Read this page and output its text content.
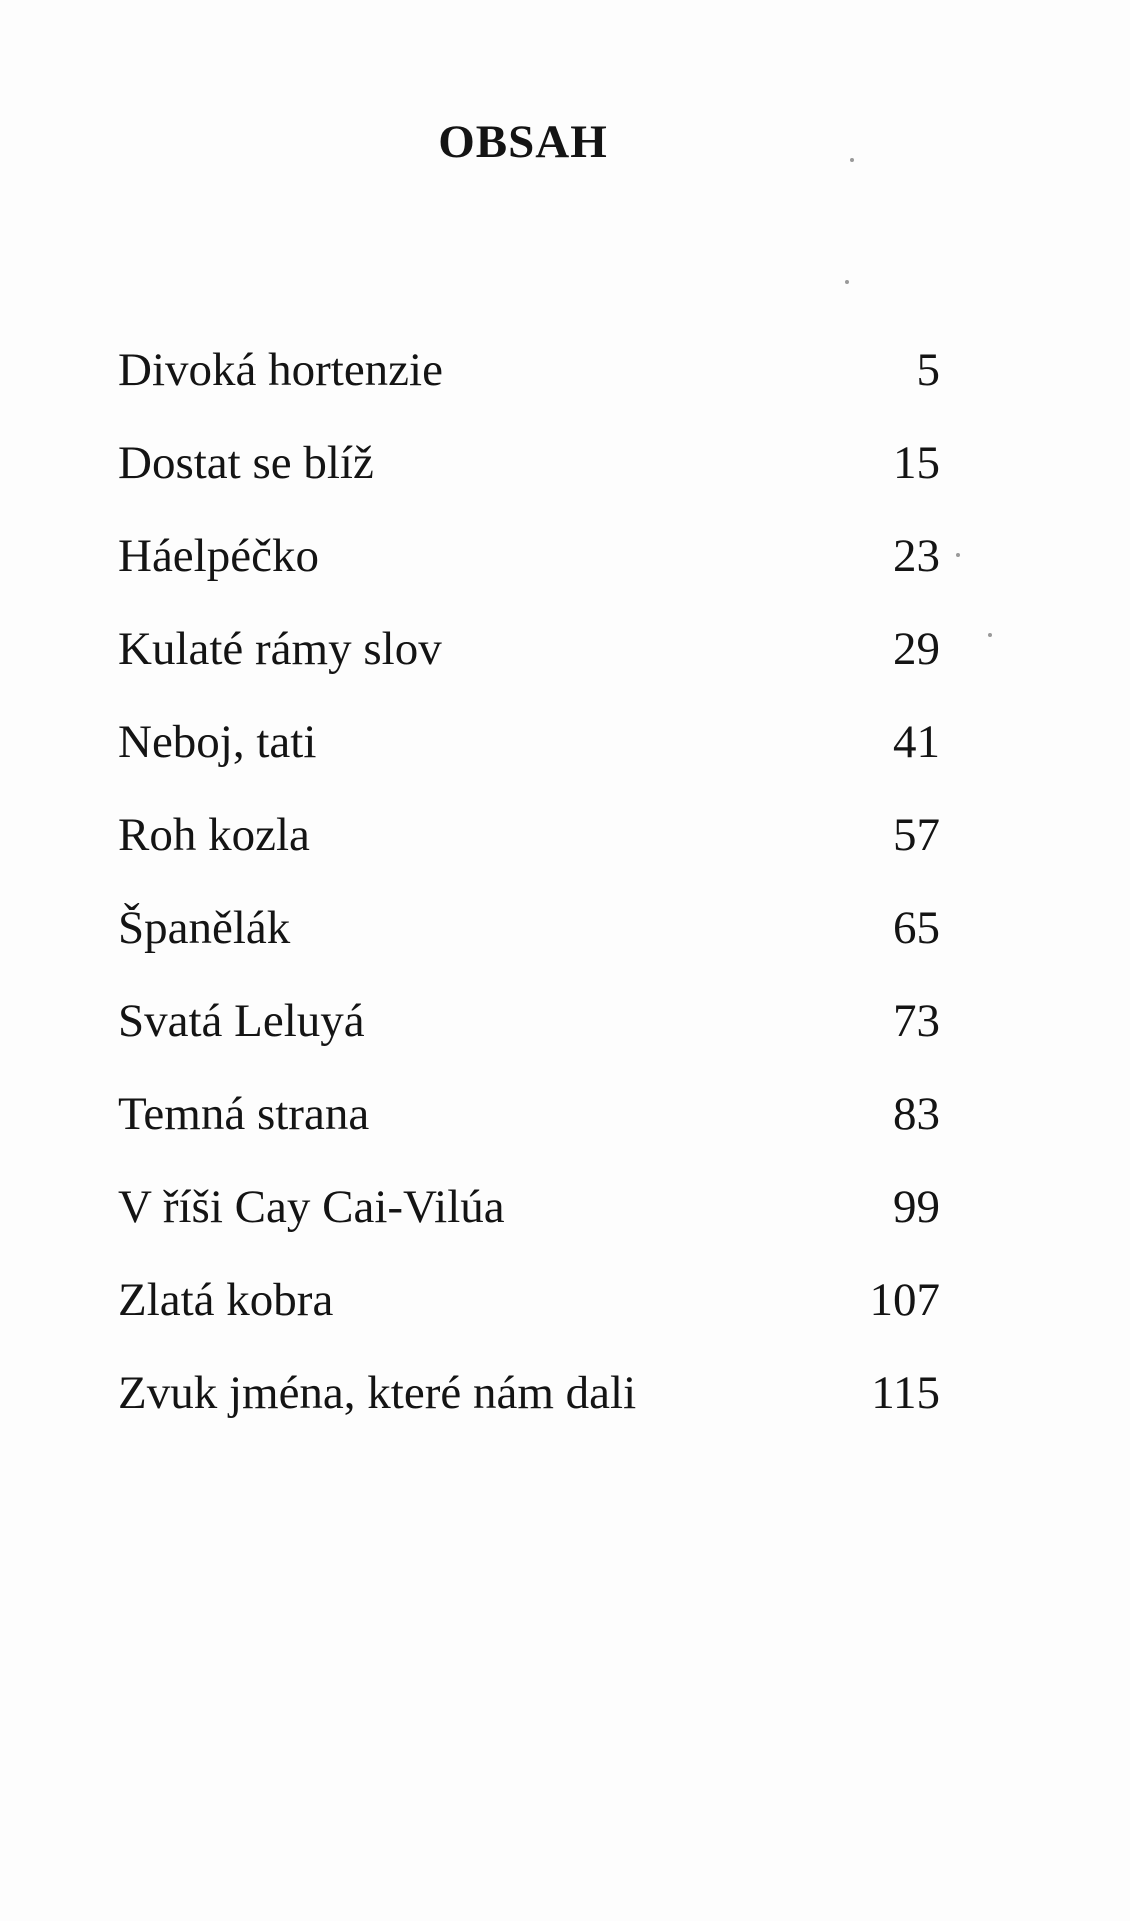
OBSAH
Divoká hortenzie	5
Dostat se blíž	15
Háelpéčko	23
Kulaté rámy slov	29
Neboj, tati	41
Roh kozla	57
Španělák	65
Svatá Leluyá	73
Temná strana	83
V říši Cay Cai-Vilúa	99
Zlatá kobra	107
Zvuk jména, které nám dali	115
